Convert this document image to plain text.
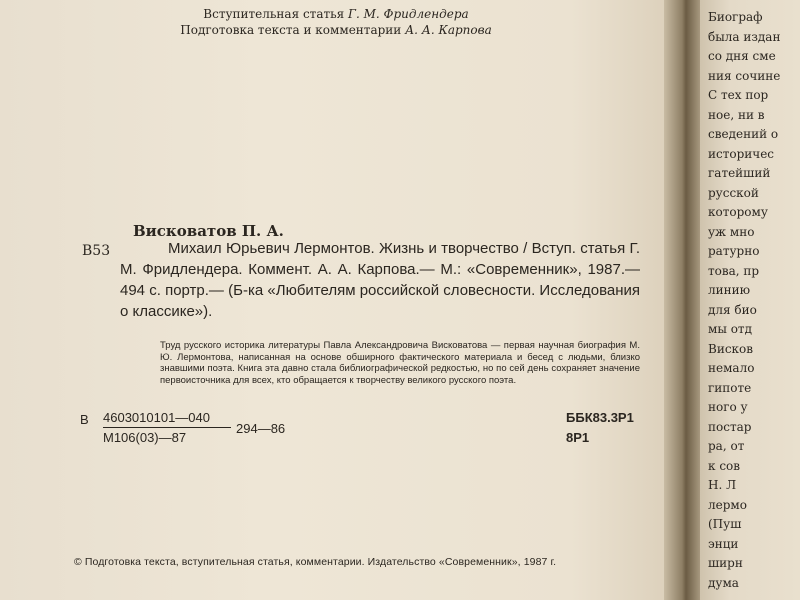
Вступительная статья Г. М. Фридлендера
Подготовка текста и комментарии А. А. Карпова
Висковатов П. А.
В53	Михаил Юрьевич Лермонтов. Жизнь и творчество / Вступ. статья Г. М. Фридлендера. Коммент. А. А. Карпова.— М.: «Современник», 1987.— 494 с. портр.— (Б-ка «Любителям российской словесности. Исследования о классике»).
Труд русского историка литературы Павла Александровича Висковатова — первая научная биография М. Ю. Лермонтова, написанная на основе обширного фактического материала и бесед с людьми, близко знавшими поэта. Книга эта давно стала библиографической редкостью, но по сей день сохраняет значение первоисточника для всех, кто обращается к творчеству великого русского поэта.
В 4603010101—040
М106(03)—87
294—86
ББК83.3Р1
8Р1
© Подготовка текста, вступительная статья, комментарии. Издательство «Современник», 1987 г.
Биограф
была издан
со дня сме
ния сочине
С тех пор
ное, ни в
сведений о
историчес
гатейший
русской
которому
уж мно
ратурно
това, пр
линию
для био
мы отд
Висков
немало
гипоте
ного у
постар
ра, от
к сов
Н. Л
лермо
(Пуш
энци
ширн
дума
